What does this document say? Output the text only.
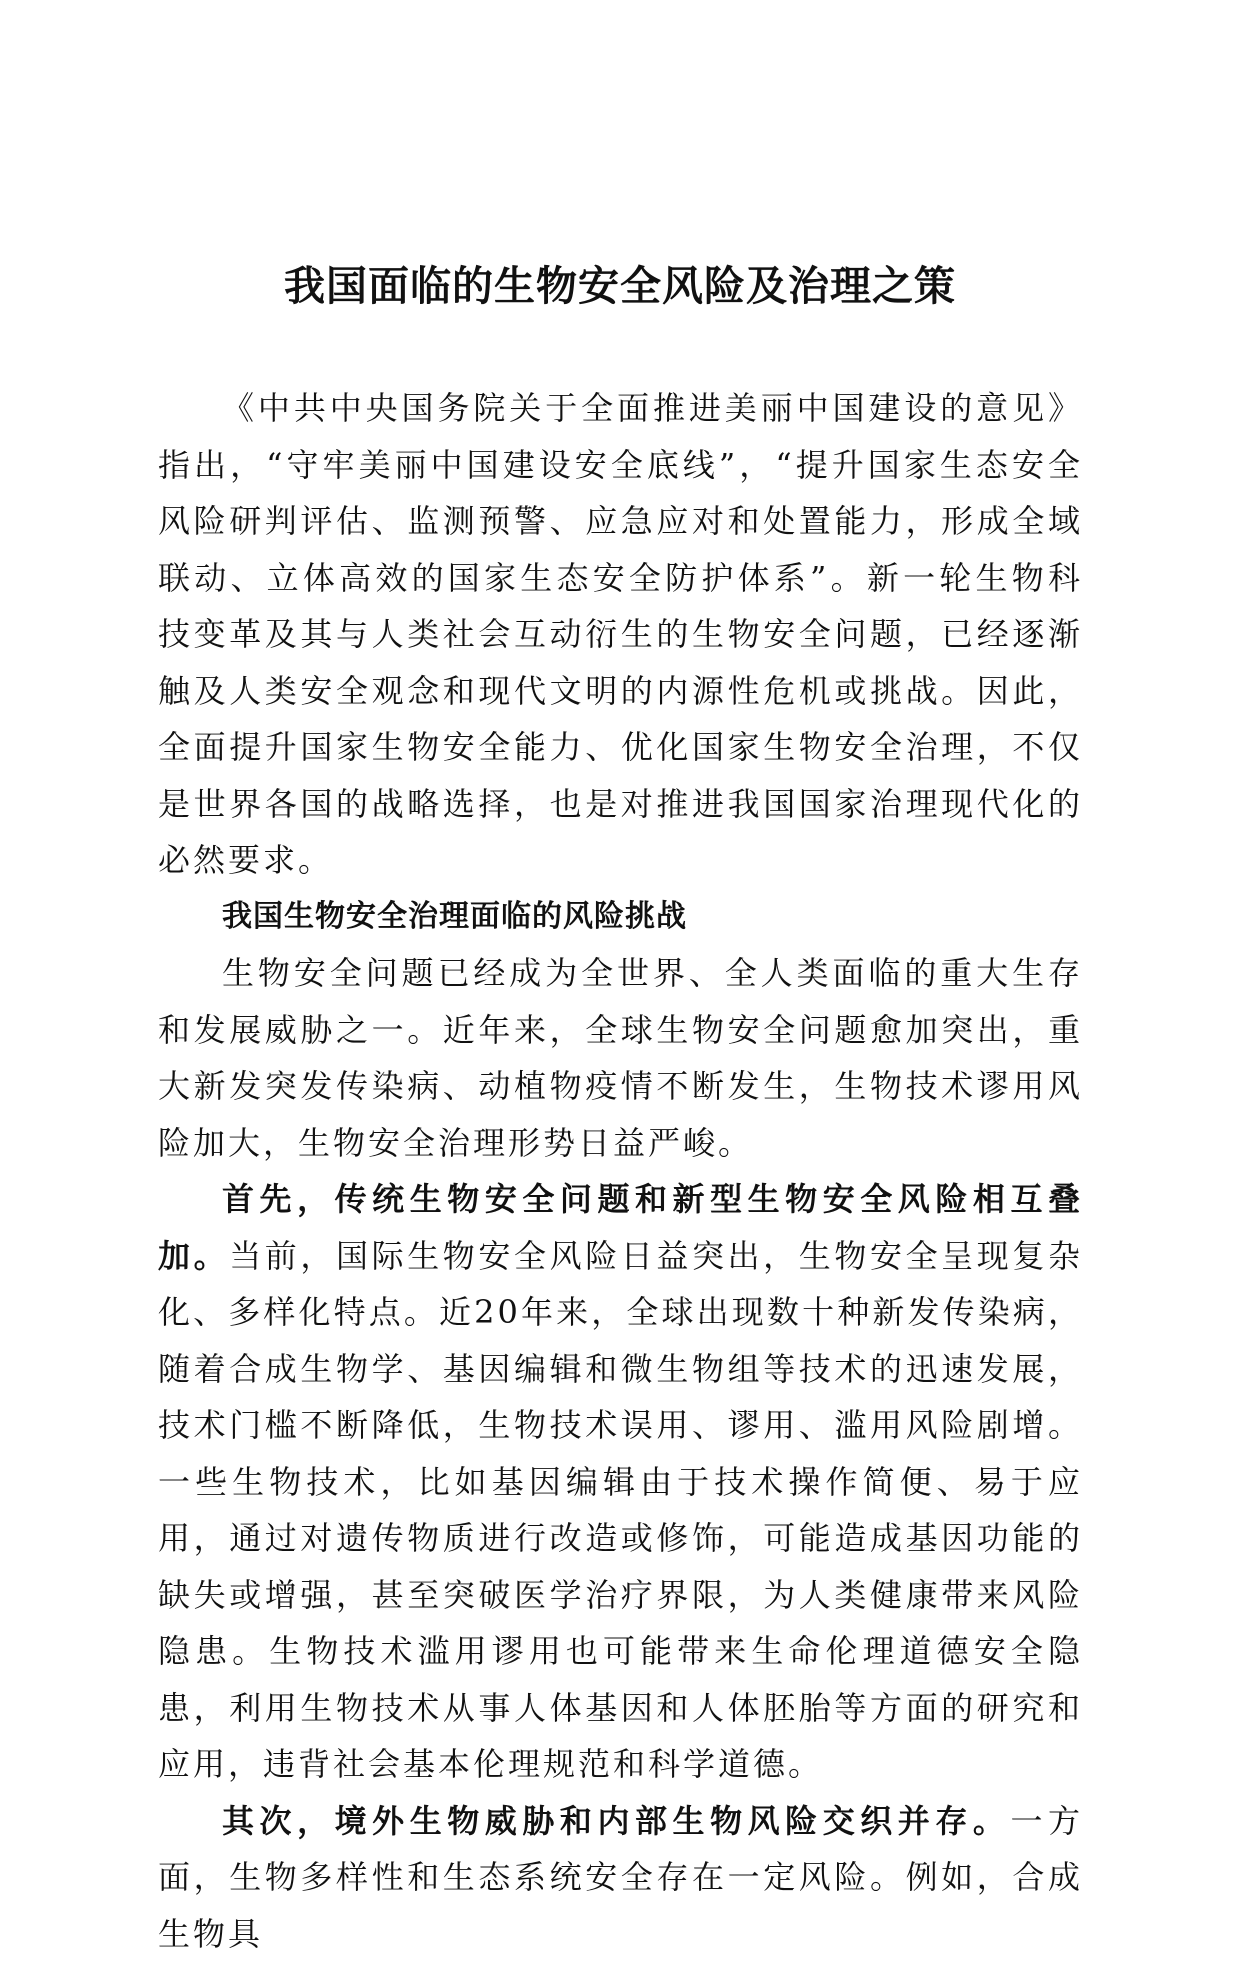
我国面临的生物安全风险及治理之策

《中共中央国务院关于全面推进美丽中国建设的意见》指出，“守牢美丽中国建设安全底线”，“提升国家生态安全风险研判评估、监测预警、应急应对和处置能力，形成全域联动、立体高效的国家生态安全防护体系”。新一轮生物科技变革及其与人类社会互动衍生的生物安全问题，已经逐渐触及人类安全观念和现代文明的内源性危机或挑战。因此，全面提升国家生物安全能力、优化国家生物安全治理，不仅是世界各国的战略选择，也是对推进我国国家治理现代化的必然要求。

我国生物安全治理面临的风险挑战

生物安全问题已经成为全世界、全人类面临的重大生存和发展威胁之一。近年来，全球生物安全问题愈加突出，重大新发突发传染病、动植物疫情不断发生，生物技术谬用风险加大，生物安全治理形势日益严峻。

首先，传统生物安全问题和新型生物安全风险相互叠加。当前，国际生物安全风险日益突出，生物安全呈现复杂化、多样化特点。近20年来，全球出现数十种新发传染病，随着合成生物学、基因编辑和微生物组等技术的迅速发展，技术门槛不断降低，生物技术误用、谬用、滥用风险剧增。一些生物技术，比如基因编辑由于技术操作简便、易于应用，通过对遗传物质进行改造或修饰，可能造成基因功能的缺失或增强，甚至突破医学治疗界限，为人类健康带来风险隐患。生物技术滥用谬用也可能带来生命伦理道德安全隐患，利用生物技术从事人体基因和人体胚胎等方面的研究和应用，违背社会基本伦理规范和科学道德。

其次，境外生物威胁和内部生物风险交织并存。一方面，生物多样性和生态系统安全存在一定风险。例如，合成生物具
